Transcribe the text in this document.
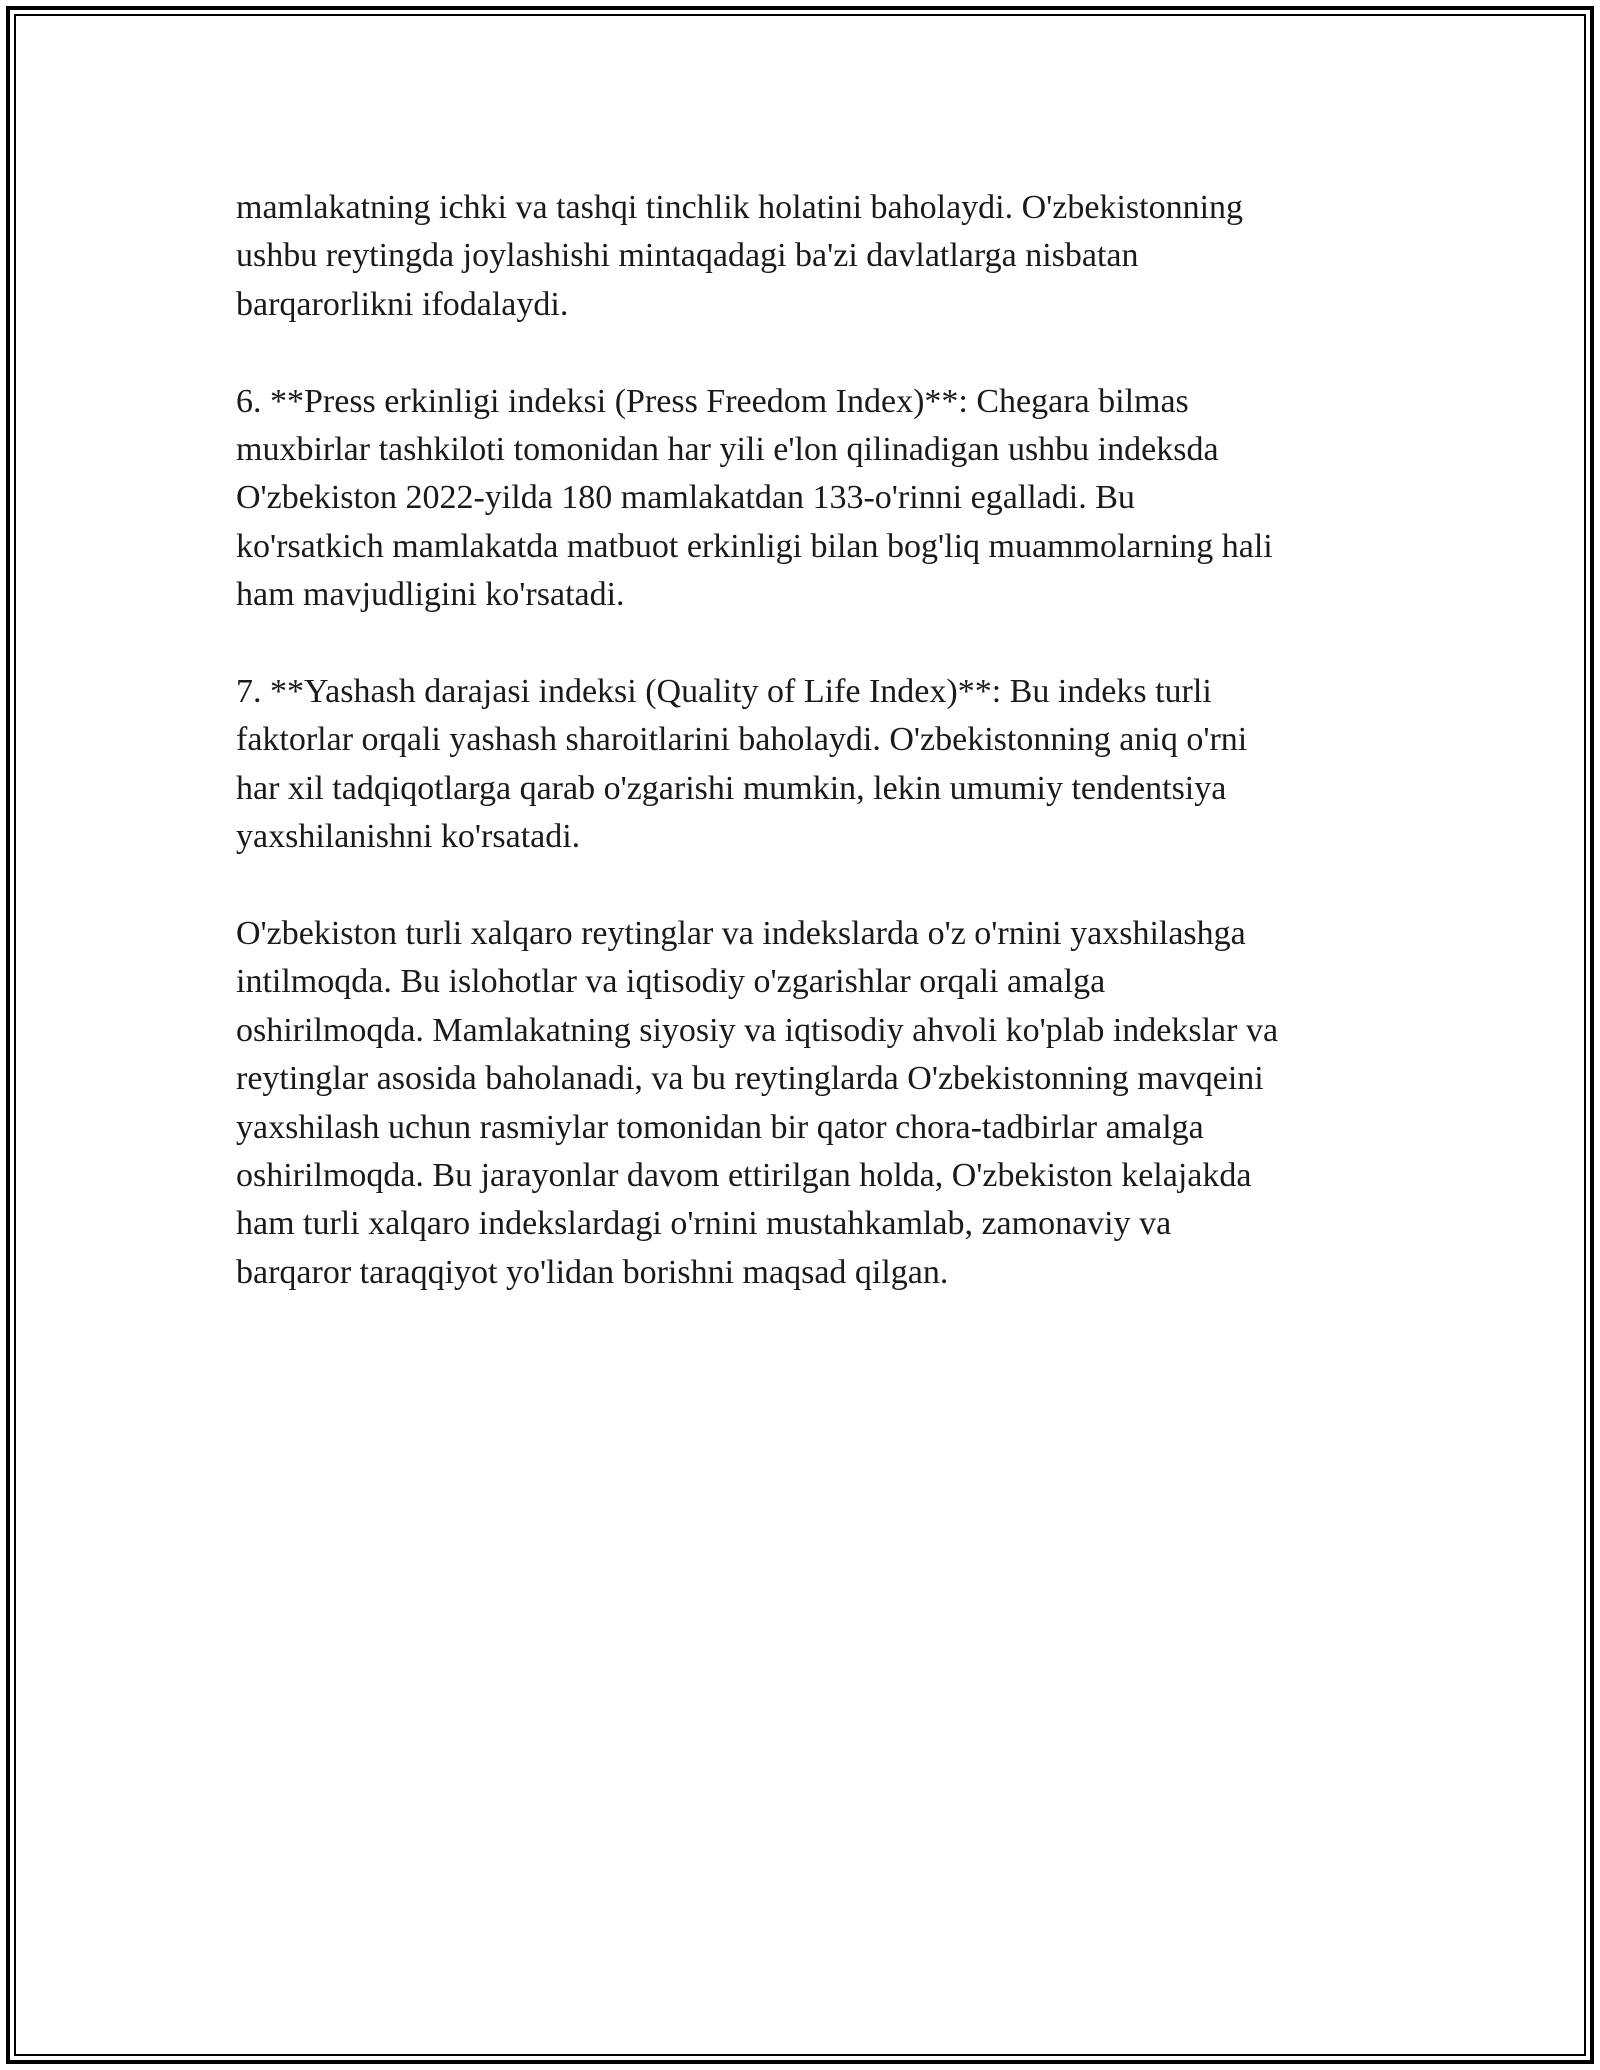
mamlakatning ichki va tashqi tinchlik holatini baholaydi. O'zbekistonning
ushbu reytingda joylashishi mintaqadagi ba'zi davlatlarga nisbatan
barqarorlikni ifodalaydi.

6. **Press erkinligi indeksi (Press Freedom Index)**: Chegara bilmas
muxbirlar tashkiloti tomonidan har yili e'lon qilinadigan ushbu indeksda
O'zbekiston 2022-yilda 180 mamlakatdan 133-o'rinni egalladi. Bu
ko'rsatkich mamlakatda matbuot erkinligi bilan bog'liq muammolarning hali
ham mavjudligini ko'rsatadi.

7. **Yashash darajasi indeksi (Quality of Life Index)**: Bu indeks turli
faktorlar orqali yashash sharoitlarini baholaydi. O'zbekistonning aniq o'rni
har xil tadqiqotlarga qarab o'zgarishi mumkin, lekin umumiy tendentsiya
yaxshilanishni ko'rsatadi.

O'zbekiston turli xalqaro reytinglar va indekslarda o'z o'rnini yaxshilashga
intilmoqda. Bu islohotlar va iqtisodiy o'zgarishlar orqali amalga
oshirilmoqda. Mamlakatning siyosiy va iqtisodiy ahvoli ko'plab indekslar va
reytinglar asosida baholanadi, va bu reytinglarda O'zbekistonning mavqeini
yaxshilash uchun rasmiylar tomonidan bir qator chora-tadbirlar amalga
oshirilmoqda. Bu jarayonlar davom ettirilgan holda, O'zbekiston kelajakda
ham turli xalqaro indekslardagi o'rnini mustahkamlab, zamonaviy va
barqaror taraqqiyot yo'lidan borishni maqsad qilgan.
